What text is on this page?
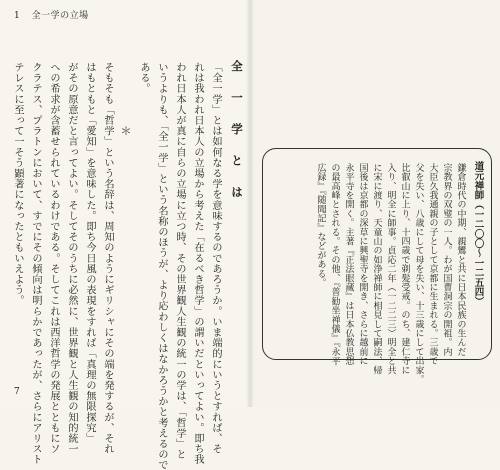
1 全一学の立場
全 一 学 と は
「全一学」とは如何なる学を意味するのであろうか。いま端的にいうとすれば、そ
れは我われ日本人の立場から考えた「在るべき哲学」の謂いだといってよい。即ち我
われ日本人が真に自らの立場に立つ時、その世界観人生観の統一の学は、「哲学」と
いうよりも、「全一学」という名称のほうが、より応わしくはなかろうかと考えるので
ある。
＊
そもそも「哲学」という名辞は、周知のようにギリシャにその端を発するが、それ
はもともと「愛知」を意味した。即ち今日風の表現をすれば「真理の無限探究」
がその原意だと言ってよい。そしてそのうちに必然に、世界観と人生観の知的統一
への希求が含蓄せられているわけである。そしてこれは西洋哲学の発展とともにソ
クラテス、プラトンにおいて、すでにその傾向は明らかであったが、さらにアリスト
テレスに至って一そう顕著になったともいえよう。
7
道元禅師（一二〇〇〜一二五四）
鎌倉時代の中期、親鸞と共に日本民族の生んだ
宗教界の双璧の一人。わが国曹洞宗の開祖。内
大臣久我通親の子として京都に生まれる。三歳で
父を失い、八歳にして母を失い、十三歳にして出家。
比叡山に上り、十四歳で剃髪受戒。のち、建仁寺に
入り、明全に師事。貞応二年（一二二三）明全と共
に宋に渡り、天童山の如浄禅師に相見して嗣法、帰
国後は京都の深草に興聖寺を開き、さらに越前に
永平寺を開く。主著『正法眼蔵』は日本仏教思想
の最高峰とされる。その他、『普勧坐禅儀』『永平
広録』『随聞記』などがある。
